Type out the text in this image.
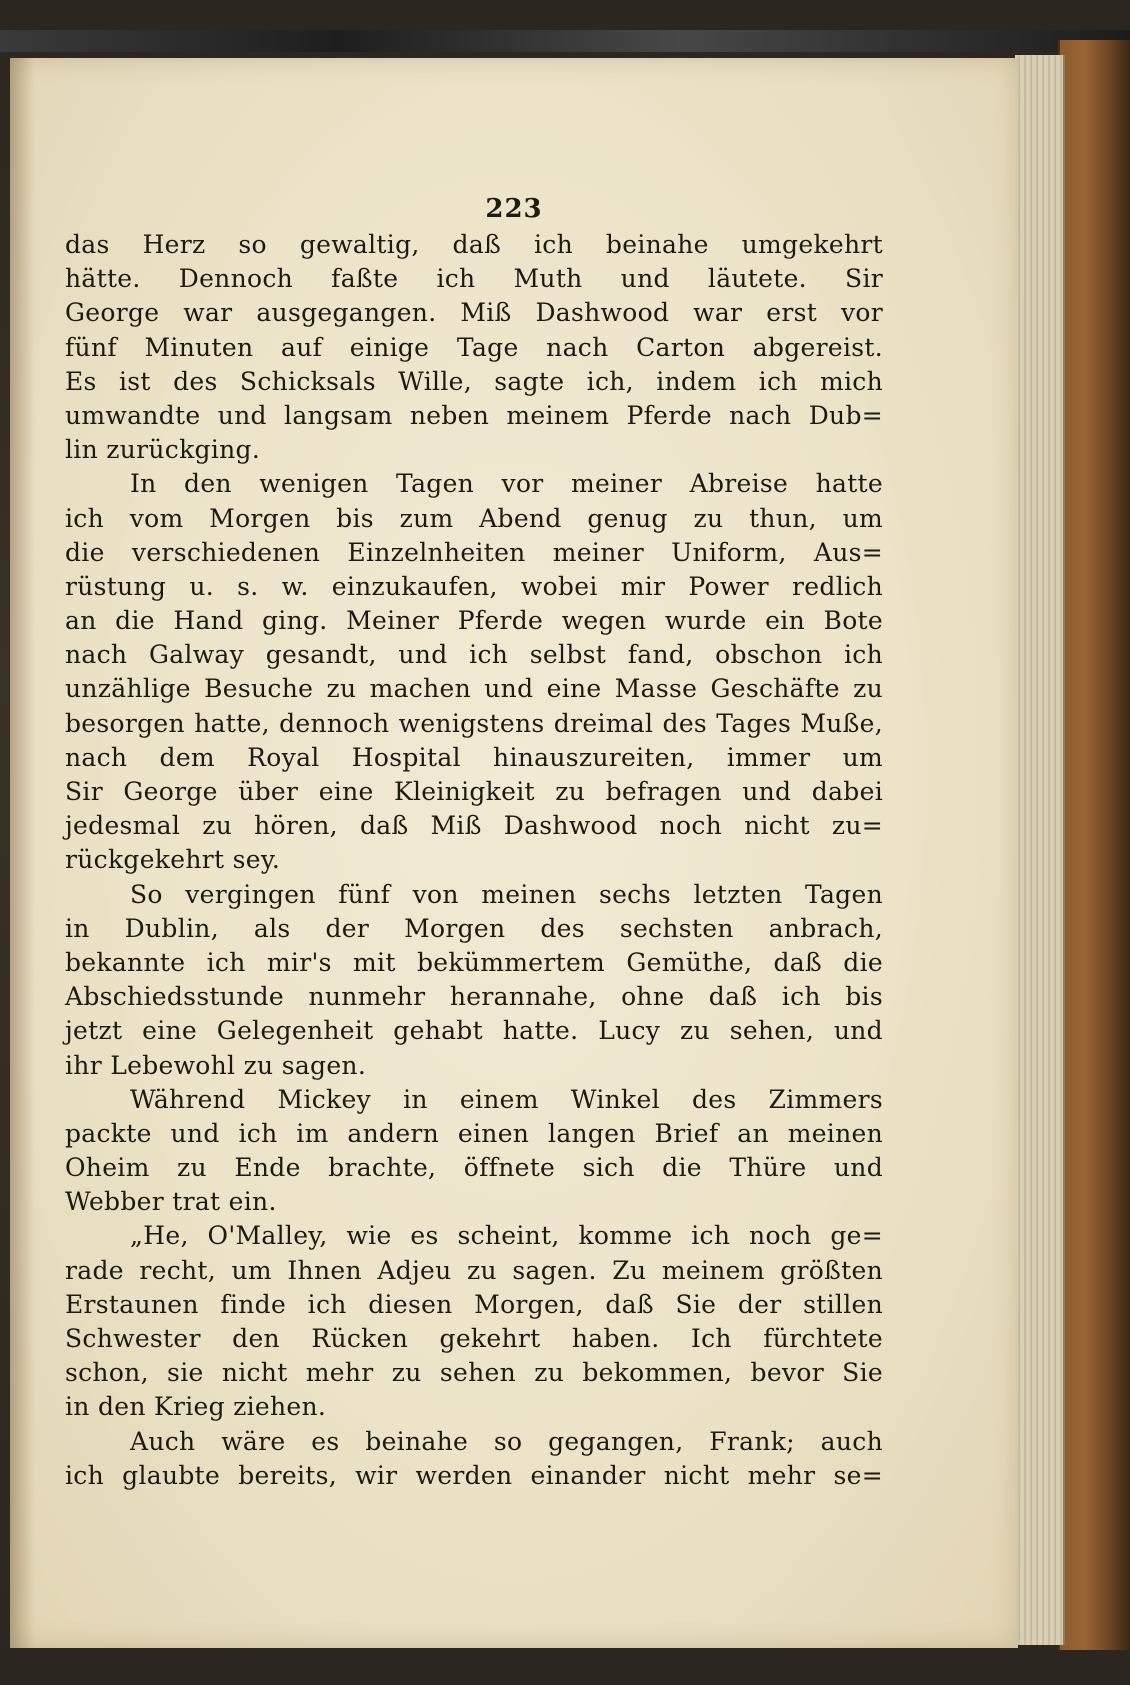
223
das Herz so gewaltig, daß ich beinahe umgekehrt
hätte. Dennoch faßte ich Muth und läutete. Sir
George war ausgegangen. Miß Dashwood war erst vor
fünf Minuten auf einige Tage nach Carton abgereist.
Es ist des Schicksals Wille, sagte ich, indem ich mich
umwandte und langsam neben meinem Pferde nach Dub=
lin zurückging.
In den wenigen Tagen vor meiner Abreise hatte
ich vom Morgen bis zum Abend genug zu thun, um
die verschiedenen Einzelnheiten meiner Uniform, Aus=
rüstung u. s. w. einzukaufen, wobei mir Power redlich
an die Hand ging. Meiner Pferde wegen wurde ein Bote
nach Galway gesandt, und ich selbst fand, obschon ich
unzählige Besuche zu machen und eine Masse Geschäfte zu
besorgen hatte, dennoch wenigstens dreimal des Tages Muße,
nach dem Royal Hospital hinauszureiten, immer um
Sir George über eine Kleinigkeit zu befragen und dabei
jedesmal zu hören, daß Miß Dashwood noch nicht zu=
rückgekehrt sey.
So vergingen fünf von meinen sechs letzten Tagen
in Dublin, als der Morgen des sechsten anbrach,
bekannte ich mir's mit bekümmertem Gemüthe, daß die
Abschiedsstunde nunmehr herannahe, ohne daß ich bis
jetzt eine Gelegenheit gehabt hatte. Lucy zu sehen, und
ihr Lebewohl zu sagen.
Während Mickey in einem Winkel des Zimmers
packte und ich im andern einen langen Brief an meinen
Oheim zu Ende brachte, öffnete sich die Thüre und
Webber trat ein.
„He, O'Malley, wie es scheint, komme ich noch ge=
rade recht, um Ihnen Adjeu zu sagen. Zu meinem größten
Erstaunen finde ich diesen Morgen, daß Sie der stillen
Schwester den Rücken gekehrt haben. Ich fürchtete
schon, sie nicht mehr zu sehen zu bekommen, bevor Sie
in den Krieg ziehen.
Auch wäre es beinahe so gegangen, Frank; auch
ich glaubte bereits, wir werden einander nicht mehr se=
